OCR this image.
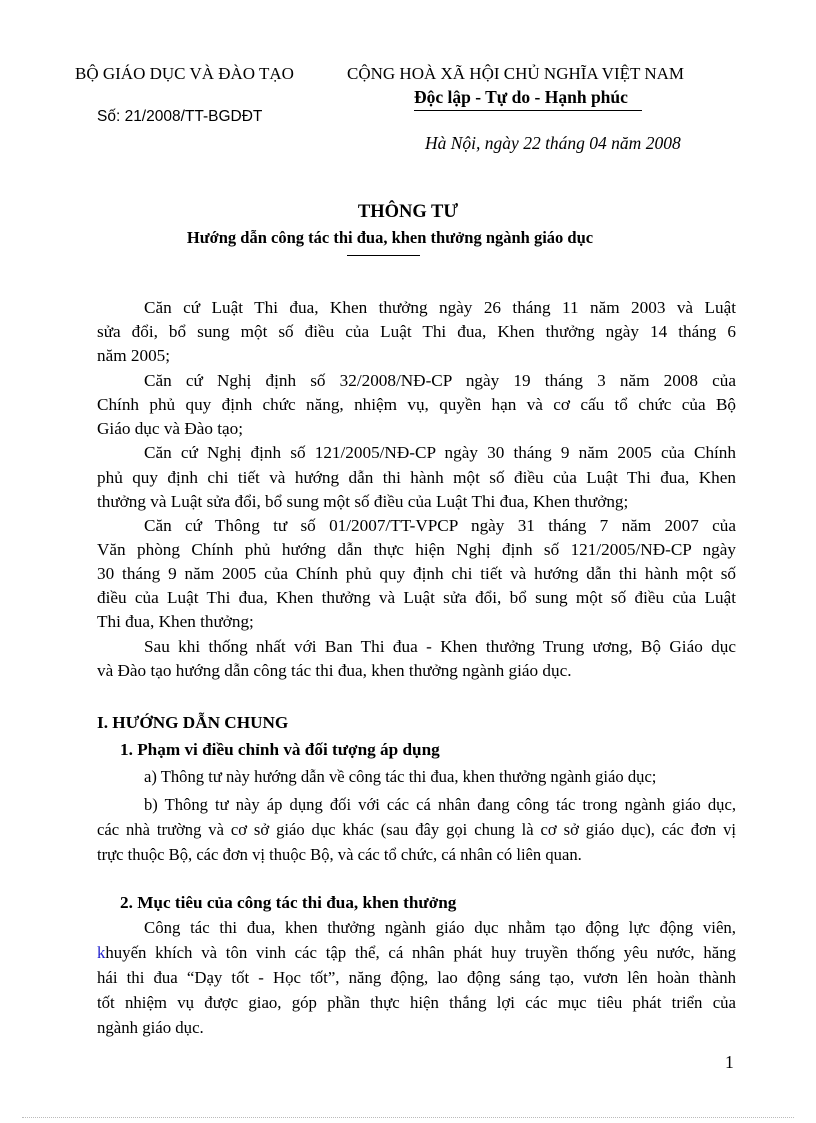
BỘ GIÁO DỤC VÀ ĐÀO TẠO
Số: 21/2008/TT-BGDĐT
CỘNG HOÀ XÃ HỘI CHỦ NGHĨA VIỆT NAM
Độc lập - Tự do - Hạnh phúc
Hà Nội, ngày 22 tháng 04 năm 2008
THÔNG TƯ
Hướng dẫn công tác thi đua, khen thưởng ngành giáo dục
Căn cứ Luật Thi đua, Khen thưởng ngày 26 tháng 11 năm 2003 và Luật
sửa đổi, bổ sung một số điều của Luật Thi đua, Khen thưởng ngày 14 tháng 6
năm 2005;
Căn cứ Nghị định số 32/2008/NĐ-CP ngày 19 tháng 3 năm 2008 của
Chính phủ quy định chức năng, nhiệm vụ, quyền hạn và cơ cấu tổ chức của Bộ
Giáo dục và Đào tạo;
Căn cứ Nghị định số 121/2005/NĐ-CP ngày 30 tháng 9 năm 2005 của Chính
phủ quy định chi tiết và hướng dẫn thi hành một số điều của Luật Thi đua, Khen
thưởng và Luật sửa đổi, bổ sung một số điều của Luật Thi đua, Khen thưởng;
Căn cứ Thông tư số 01/2007/TT-VPCP ngày 31 tháng 7 năm 2007 của
Văn phòng Chính phủ hướng dẫn thực hiện Nghị định số 121/2005/NĐ-CP ngày
30 tháng 9 năm 2005 của Chính phủ quy định chi tiết và hướng dẫn thi hành một số
điều của Luật Thi đua, Khen thưởng và Luật sửa đổi, bổ sung một số điều của Luật
Thi đua, Khen thưởng;
Sau khi thống nhất với Ban Thi đua - Khen thưởng Trung ương, Bộ Giáo dục
và Đào tạo hướng dẫn công tác thi đua, khen thưởng ngành giáo dục.
I. HƯỚNG DẪN CHUNG
1. Phạm vi điều chỉnh và đối tượng áp dụng
a) Thông tư này hướng dẫn về công tác thi đua, khen thưởng ngành giáo dục;
b) Thông tư này áp dụng đối với các cá nhân đang công tác trong ngành giáo dục,
các nhà trường và cơ sở giáo dục khác (sau đây gọi chung là cơ sở giáo dục), các đơn vị
trực thuộc Bộ, các đơn vị thuộc Bộ, và các tổ chức, cá nhân có liên quan.
2. Mục tiêu của công tác thi đua, khen thưởng
Công tác thi đua, khen thưởng ngành giáo dục nhằm tạo động lực động viên,
khuyến khích và tôn vinh các tập thể, cá nhân phát huy truyền thống yêu nước, hăng
hái thi đua “Dạy tốt - Học tốt”, năng động, lao động sáng tạo, vươn lên hoàn thành
tốt nhiệm vụ được giao, góp phần thực hiện thắng lợi các mục tiêu phát triển của
ngành giáo dục.
1
